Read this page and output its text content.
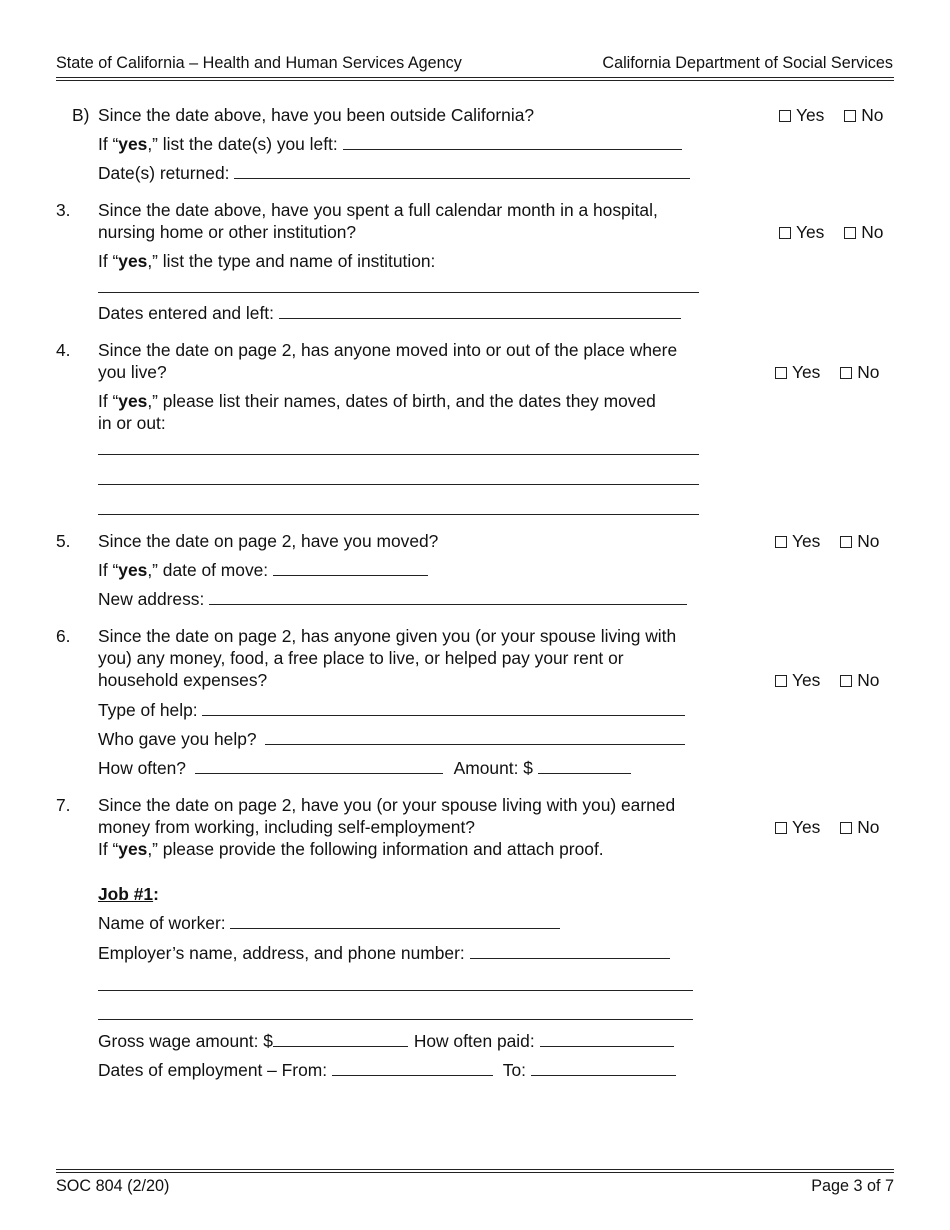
State of California – Health and Human Services Agency	California Department of Social Services
B) Since the date above, have you been outside California?	Yes No
If “yes,” list the date(s) you left:
Date(s) returned:
3. Since the date above, have you spent a full calendar month in a hospital,
nursing home or other institution?	Yes No
If “yes,” list the type and name of institution:
Dates entered and left:
4. Since the date on page 2, has anyone moved into or out of the place where
you live?	Yes No
If “yes,” please list their names, dates of birth, and the dates they moved
in or out:
5. Since the date on page 2, have you moved?	Yes No
If “yes,” date of move:
New address:
6. Since the date on page 2, has anyone given you (or your spouse living with
you) any money, food, a free place to live, or helped pay your rent or
household expenses?	Yes No
Type of help:
Who gave you help?
How often?	Amount: $
7. Since the date on page 2, have you (or your spouse living with you) earned
money from working, including self-employment?	Yes No
If “yes,” please provide the following information and attach proof.
Job #1:
Name of worker:
Employer’s name, address, and phone number:
Gross wage amount: $	How often paid:
Dates of employment – From:	To:
SOC 804 (2/20)	Page 3 of 7
